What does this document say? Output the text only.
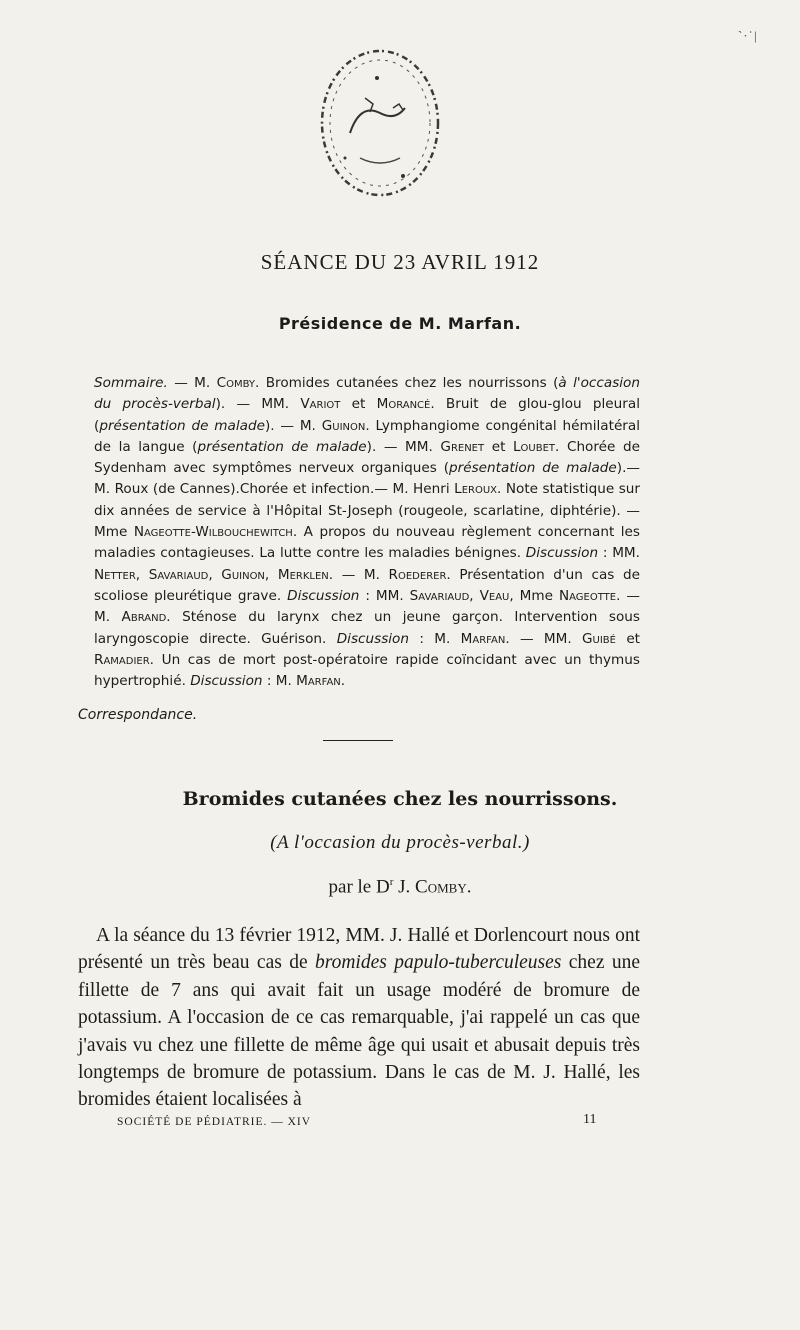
ˋ·ˈ|
SÉANCE DU 23 AVRIL 1912
Présidence de M. Marfan.
Sommaire. — M. Comby. Bromides cutanées chez les nourrissons (à l'occasion du procès-verbal). — MM. Variot et Morancé. Bruit de glou-glou pleural (présentation de malade). — M. Guinon. Lymphangiome congénital hémilatéral de la langue (présentation de malade). — MM. Grenet et Loubet. Chorée de Sydenham avec symptômes nerveux organiques (présentation de malade).— M. Roux (de Cannes).Chorée et infection.— M. Henri Leroux. Note statistique sur dix années de service à l'Hôpital St-Joseph (rougeole, scarlatine, diphtérie). — Mme Nageotte-Wilbouchewitch. A propos du nouveau règlement concernant les maladies contagieuses. La lutte contre les maladies bénignes. Discussion : MM. Netter, Savariaud, Guinon, Merklen. — M. Roederer. Présentation d'un cas de scoliose pleurétique grave. Discussion : MM. Savariaud, Veau, Mme Nageotte. — M. Abrand. Sténose du larynx chez un jeune garçon. Intervention sous laryngoscopie directe. Guérison. Discussion : M. Marfan. — MM. Guibé et Ramadier. Un cas de mort post-opératoire rapide coïncidant avec un thymus hypertrophié. Discussion : M. Marfan.
Correspondance.
Bromides cutanées chez les nourrissons.
(A l'occasion du procès-verbal.)
par le $D^r$ J. Comby.
A la séance du 13 février 1912, MM. J. Hallé et Dorlencourt nous ont présenté un très beau cas de bromides papulo-tuberculeuses chez une fillette de 7 ans qui avait fait un usage modéré de bromure de potassium. A l'occasion de ce cas remarquable, j'ai rappelé un cas que j'avais vu chez une fillette de même âge qui usait et abusait depuis très longtemps de bromure de potassium. Dans le cas de M. J. Hallé, les bromides étaient localisées à
SOCIÉTÉ DE PÉDIATRIE. — XIV	11
